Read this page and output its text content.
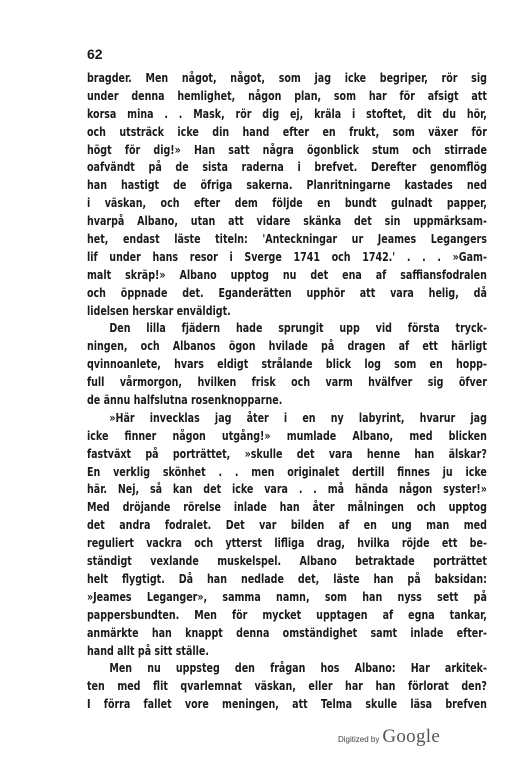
62
bragder. Men något, något, som jag icke begriper, rör sig
under denna hemlighet, någon plan, som har för afsigt att
korsa mina . . Mask, rör dig ej, kräla i stoftet, dit du hör,
och utsträck icke din hand efter en frukt, som växer för
högt för dig!» Han satt några ögonblick stum och stirrade
oafvändt på de sista raderna i brefvet. Derefter genomflög
han hastigt de öfriga sakerna. Planritningarne kastades ned
i väskan, och efter dem följde en bundt gulnadt papper,
hvarpå Albano, utan att vidare skänka det sin uppmärksam-
het, endast läste titeln: 'Anteckningar ur Jeames Legangers
lif under hans resor i Sverge 1741 och 1742.' . . . »Gam-
malt skräp!» Albano upptog nu det ena af saffiansfodralen
och öppnade det. Eganderätten upphör att vara helig, då
lidelsen herskar enväldigt.
Den lilla fjädern hade sprungit upp vid första tryck-
ningen, och Albanos ögon hvilade på dragen af ett härligt
qvinnoanlete, hvars eldigt strålande blick log som en hopp-
full vårmorgon, hvilken frisk och varm hvälfver sig öfver
de ännu halfslutna rosenknopparne.
»Här invecklas jag åter i en ny labyrint, hvarur jag
icke finner någon utgång!» mumlade Albano, med blicken
fastväxt på porträttet, »skulle det vara henne han älskar?
En verklig skönhet . . men originalet dertill finnes ju icke
här. Nej, så kan det icke vara . . må hända någon syster!»
Med dröjande rörelse inlade han åter målningen och upptog
det andra fodralet. Det var bilden af en ung man med
reguliert vackra och ytterst lifliga drag, hvilka röjde ett be-
ständigt vexlande muskelspel. Albano betraktade porträttet
helt flygtigt. Då han nedlade det, läste han på baksidan:
»Jeames Leganger», samma namn, som han nyss sett på
pappersbundten. Men för mycket upptagen af egna tankar,
anmärkte han knappt denna omständighet samt inlade efter-
hand allt på sitt ställe.
Men nu uppsteg den frågan hos Albano: Har arkitek-
ten med flit qvarlemnat väskan, eller har han förlorat den?
I förra fallet vore meningen, att Telma skulle läsa brefven
Digitized by Google
